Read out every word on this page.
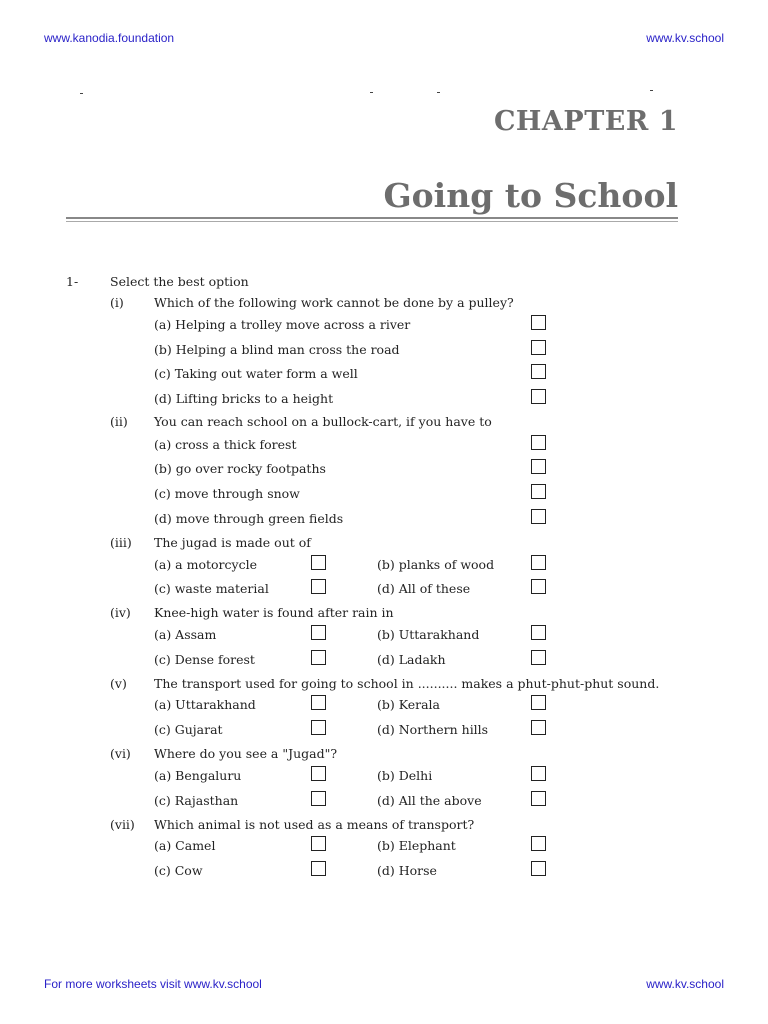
www.kanodia.foundation	www.kv.school
CHAPTER 1
Going to School
1-	Select the best option
(i) Which of the following work cannot be done by a pulley?
(a) Helping a trolley move across a river
(b) Helping a blind man cross the road
(c) Taking out water form a well
(d) Lifting bricks to a height
(ii) You can reach school on a bullock-cart, if you have to
(a) cross a thick forest
(b) go over rocky footpaths
(c) move through snow
(d) move through green fields
(iii) The jugad is made out of
(a) a motorcycle	(b) planks of wood
(c) waste material	(d) All of these
(iv) Knee-high water is found after rain in
(a) Assam	(b) Uttarakhand
(c) Dense forest	(d) Ladakh
(v) The transport used for going to school in .......... makes a phut-phut-phut sound.
(a) Uttarakhand	(b) Kerala
(c) Gujarat	(d) Northern hills
(vi) Where do you see a "Jugad"?
(a) Bengaluru	(b) Delhi
(c) Rajasthan	(d) All the above
(vii) Which animal is not used as a means of transport?
(a) Camel	(b) Elephant
(c) Cow	(d) Horse
For more worksheets visit www.kv.school	www.kv.school
